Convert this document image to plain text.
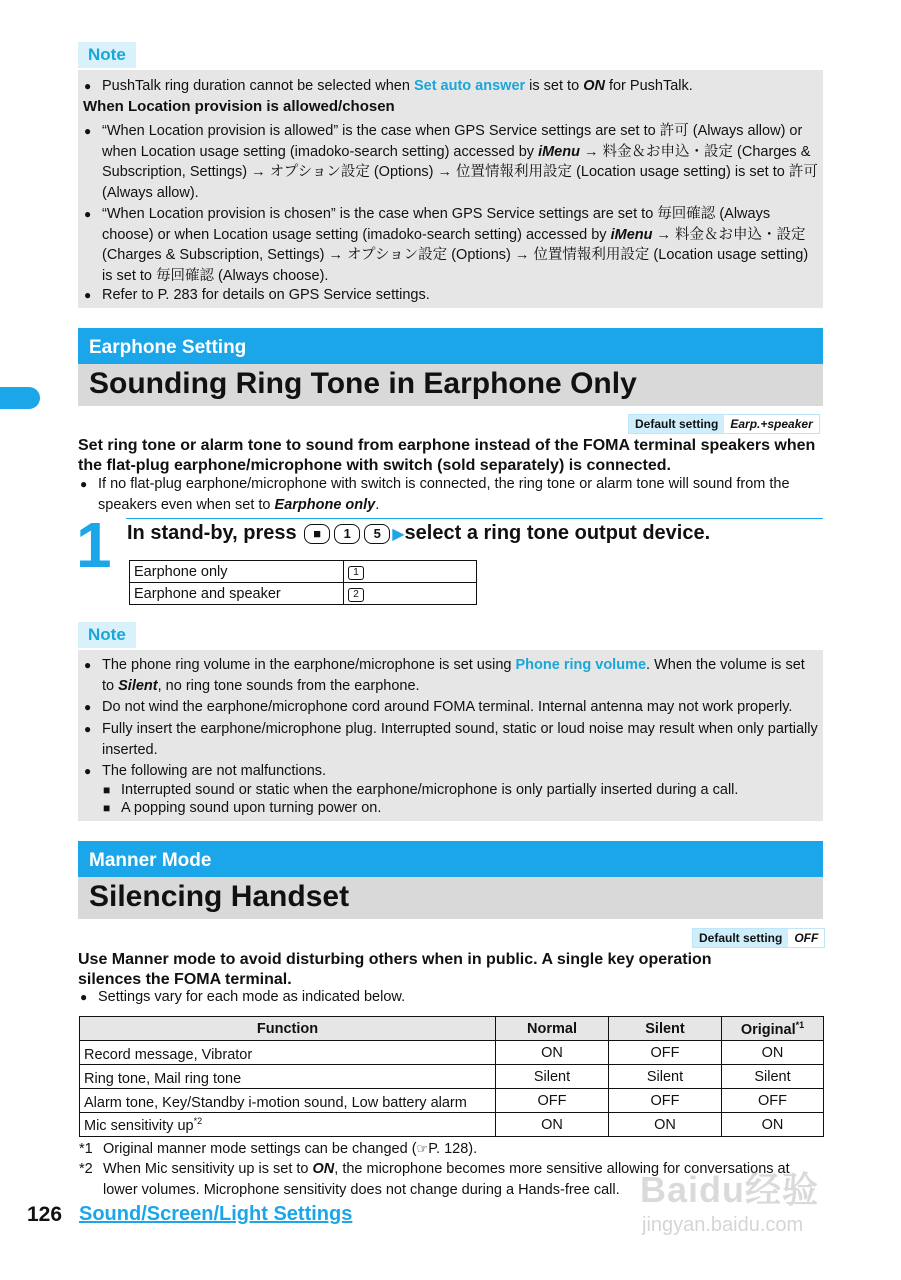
Note
● PushTalk ring duration cannot be selected when Set auto answer is set to ON for PushTalk.
When Location provision is allowed/chosen
● “When Location provision is allowed” is the case when GPS Service settings are set to 許可 (Always allow) or when Location usage setting (imadoko-search setting) accessed by iMenu → 料金＆お申込・設定 (Charges & Subscription, Settings) → オプション設定 (Options) → 位置情報利用設定 (Location usage setting) is set to 許可 (Always allow).
● “When Location provision is chosen” is the case when GPS Service settings are set to 毎回確認 (Always choose) or when Location usage setting (imadoko-search setting) accessed by iMenu → 料金＆お申込・設定 (Charges & Subscription, Settings) → オプション設定 (Options) → 位置情報利用設定 (Location usage setting) is set to 毎回確認 (Always choose).
● Refer to P. 283 for details on GPS Service settings.
Earphone Setting
Sounding Ring Tone in Earphone Only
Default setting	Earp.+speaker
Set ring tone or alarm tone to sound from earphone instead of the FOMA terminal speakers when the flat-plug earphone/microphone with switch (sold separately) is connected.
● If no flat-plug earphone/microphone with switch is connected, the ring tone or alarm tone will sound from the speakers even when set to Earphone only.
1 In stand-by, press ■ 1 5 ▶select a ring tone output device.
Earphone only	1
Earphone and speaker	2
Note
● The phone ring volume in the earphone/microphone is set using Phone ring volume. When the volume is set to Silent, no ring tone sounds from the earphone.
● Do not wind the earphone/microphone cord around FOMA terminal. Internal antenna may not work properly.
● Fully insert the earphone/microphone plug. Interrupted sound, static or loud noise may result when only partially inserted.
● The following are not malfunctions.
■ Interrupted sound or static when the earphone/microphone is only partially inserted during a call.
■ A popping sound upon turning power on.
Manner Mode
Silencing Handset
Default setting	OFF
Use Manner mode to avoid disturbing others when in public. A single key operation silences the FOMA terminal.
● Settings vary for each mode as indicated below.
Function	Normal	Silent	Original$^{*1}$
Record message, Vibrator	ON	OFF	ON
Ring tone, Mail ring tone	Silent	Silent	Silent
Alarm tone, Key/Standby i-motion sound, Low battery alarm	OFF	OFF	OFF
Mic sensitivity $up^{*2}$	ON	ON	ON
*1 Original manner mode settings can be changed (☞P. 128).
*2 When Mic sensitivity up is set to ON, the microphone becomes more sensitive allowing for conversations at lower volumes. Microphone sensitivity does not change during a Hands-free call.
126 Sound/Screen/Light Settings
Baidu经验
jingyan.baidu.com
